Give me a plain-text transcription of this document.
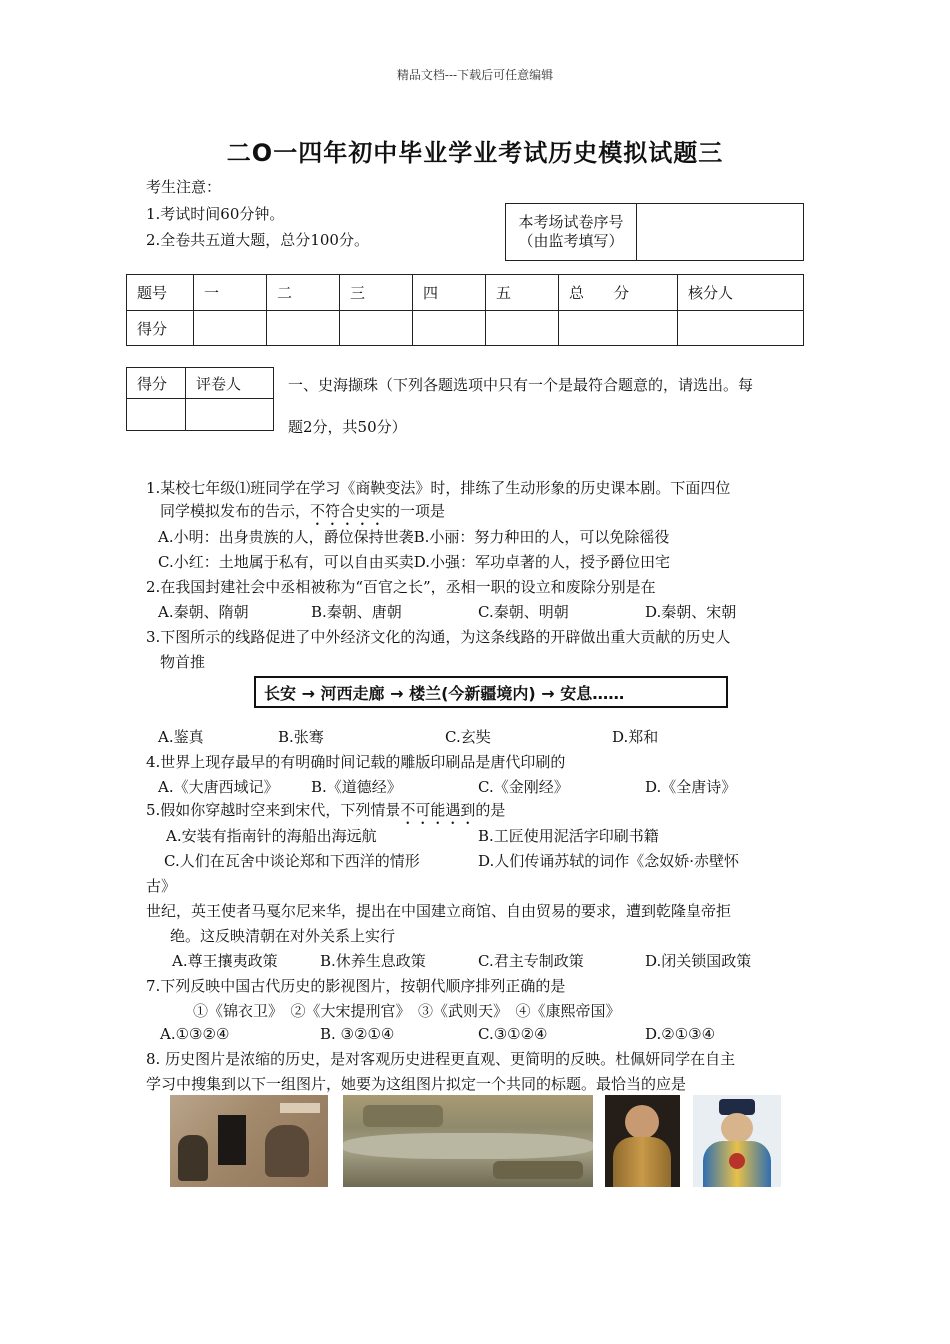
精品文档---下载后可任意编辑
二O一四年初中毕业学业考试历史模拟试题三
考生注意：
1.考试时间60分钟。
2.全卷共五道大题，总分100分。
本考场试卷序号
（由监考填写）

题号	一	二	三	四	五	总　　分	核分人
得分							
得分	评卷人
		一、史海撷珠（下列各题选项中只有一个是最符合题意的，请选出。每
题2分，共50分）
1.某校七年级⑴班同学在学习《商鞅变法》时，排练了生动形象的历史课本剧。下面四位
同学模拟发布的告示，不符合史实的一项是
A.小明：出身贵族的人，爵位保持世袭B.小丽：努力种田的人，可以免除徭役
C.小红：土地属于私有，可以自由买卖D.小强：军功卓著的人，授予爵位田宅
2.在我国封建社会中丞相被称为“百官之长”，丞相一职的设立和废除分别是在
A.秦朝、隋朝	B.秦朝、唐朝	C.秦朝、明朝	D.秦朝、宋朝
3.下图所示的线路促进了中外经济文化的沟通，为这条线路的开辟做出重大贡献的历史人
物首推
长安 → 河西走廊 → 楼兰(今新疆境内) → 安息……
A.鉴真	B.张骞	C.玄奘	D.郑和
4.世界上现存最早的有明确时间记载的雕版印刷品是唐代印刷的
A.《大唐西域记》 B.《道德经》	C.《金刚经》	D.《全唐诗》
5.假如你穿越时空来到宋代，下列情景不可能遇到的是
A.安装有指南针的海船出海远航	B.工匠使用泥活字印刷书籍
C.人们在瓦舍中谈论郑和下西洋的情形	D.人们传诵苏轼的词作《念奴娇·赤壁怀
古》
世纪，英王使者马戛尔尼来华，提出在中国建立商馆、自由贸易的要求，遭到乾隆皇帝拒
绝。这反映清朝在对外关系上实行
A.尊王攘夷政策	B.休养生息政策	C.君主专制政策	D.闭关锁国政策
7.下列反映中国古代历史的影视图片，按朝代顺序排列正确的是
①《锦衣卫》　②《大宋提刑官》　③《武则天》　④《康熙帝国》
A.①③②④	B. ③②①④	C.③①②④	D.②①③④
8. 历史图片是浓缩的历史，是对客观历史进程更直观、更简明的反映。杜佩妍同学在自主
学习中搜集到以下一组图片，她要为这组图片拟定一个共同的标题。最恰当的应是
